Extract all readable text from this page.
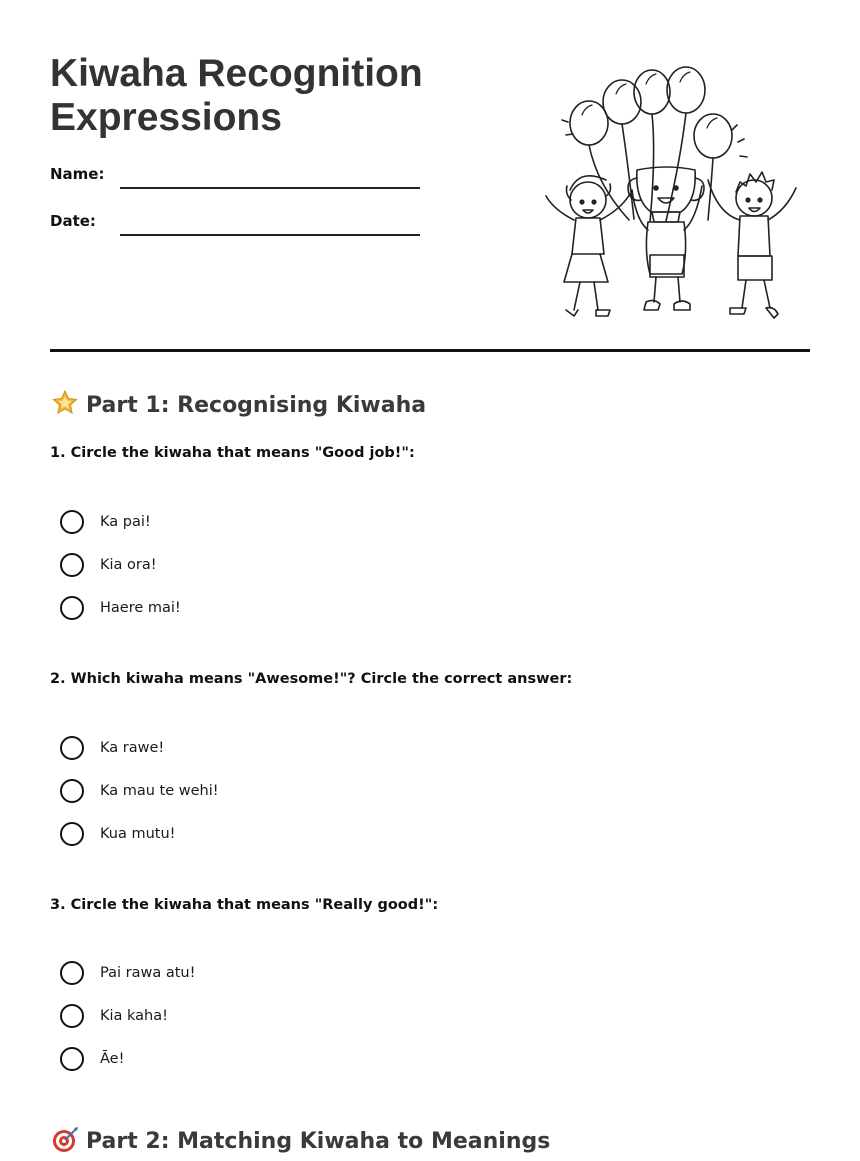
Kiwaha Recognition
Expressions
Name:
Date:
Part 1: Recognising Kiwaha
1. Circle the kiwaha that means "Good job!":
Ka pai!
Kia ora!
Haere mai!
2. Which kiwaha means "Awesome!"? Circle the correct answer:
Ka rawe!
Ka mau te wehi!
Kua mutu!
3. Circle the kiwaha that means "Really good!":
Pai rawa atu!
Kia kaha!
Āe!
Part 2: Matching Kiwaha to Meanings
